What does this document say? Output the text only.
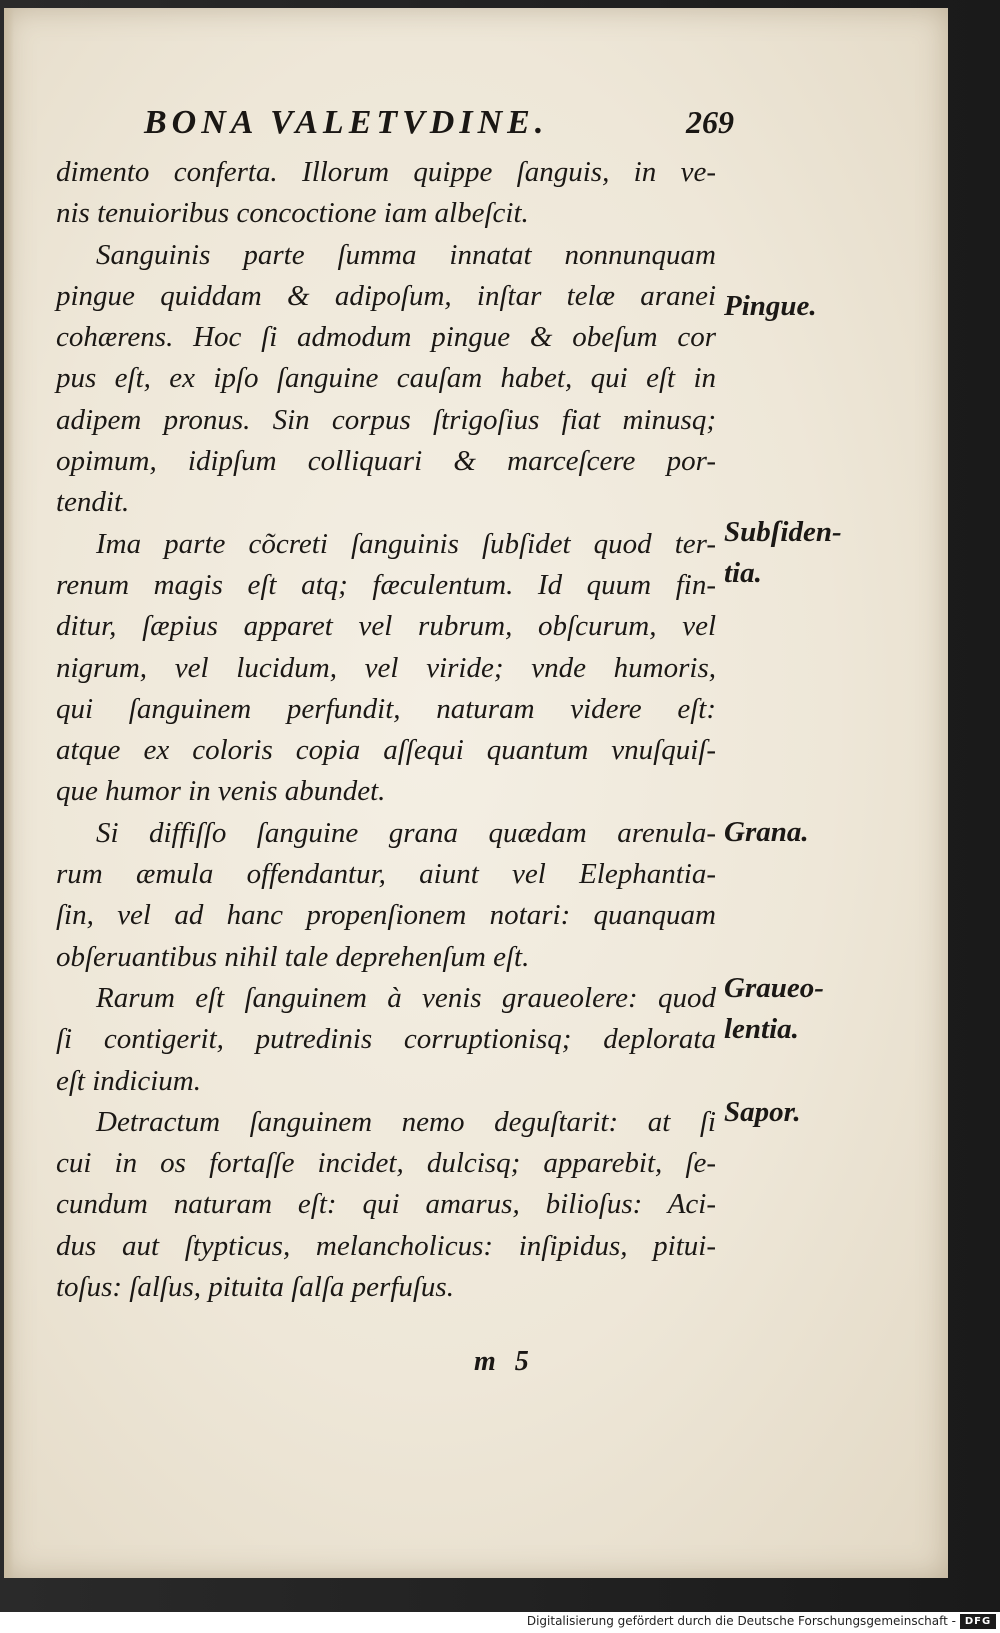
BONA VALETVDINE.	269
dimento conferta. Illorum quippe ſanguis, in ve-
nis tenuioribus concoctione iam albeſcit.
Sanguinis parte ſumma innatat nonnunquam
pingue quiddam & adipoſum, inſtar telæ aranei
cohærens. Hoc ſi admodum pingue & obeſum cor
pus eſt, ex ipſo ſanguine cauſam habet, qui eſt in
adipem pronus. Sin corpus ſtrigoſius fiat minusq;
opimum, idipſum colliquari & marceſcere por-
tendit.
Ima parte cõcreti ſanguinis ſubſidet quod ter-
renum magis eſt atq; fæculentum. Id quum fin-
ditur, ſæpius apparet vel rubrum, obſcurum, vel
nigrum, vel lucidum, vel viride; vnde humoris,
qui ſanguinem perfundit, naturam videre eſt:
atque ex coloris copia aſſequi quantum vnuſquiſ-
que humor in venis abundet.
Si diffiſſo ſanguine grana quædam arenula-
rum æmula offendantur, aiunt vel Elephantia-
ſin, vel ad hanc propenſionem notari: quanquam
obſeruantibus nihil tale deprehenſum eſt.
Rarum eſt ſanguinem à venis graueolere: quod
ſi contigerit, putredinis corruptionisq; deplorata
eſt indicium.
Detractum ſanguinem nemo deguſtarit: at ſi
cui in os fortaſſe incidet, dulcisq; apparebit, ſe-
cundum naturam eſt: qui amarus, bilioſus: Aci-
dus aut ſtypticus, melancholicus: inſipidus, pitui-
toſus: ſalſus, pituita ſalſa perfuſus.
Pingue.
Subſiden-
tia.
Grana.
Graueo-
lentia.
Sapor.
m 5
Digitalisierung gefördert durch die Deutsche Forschungsgemeinschaft - DFG
